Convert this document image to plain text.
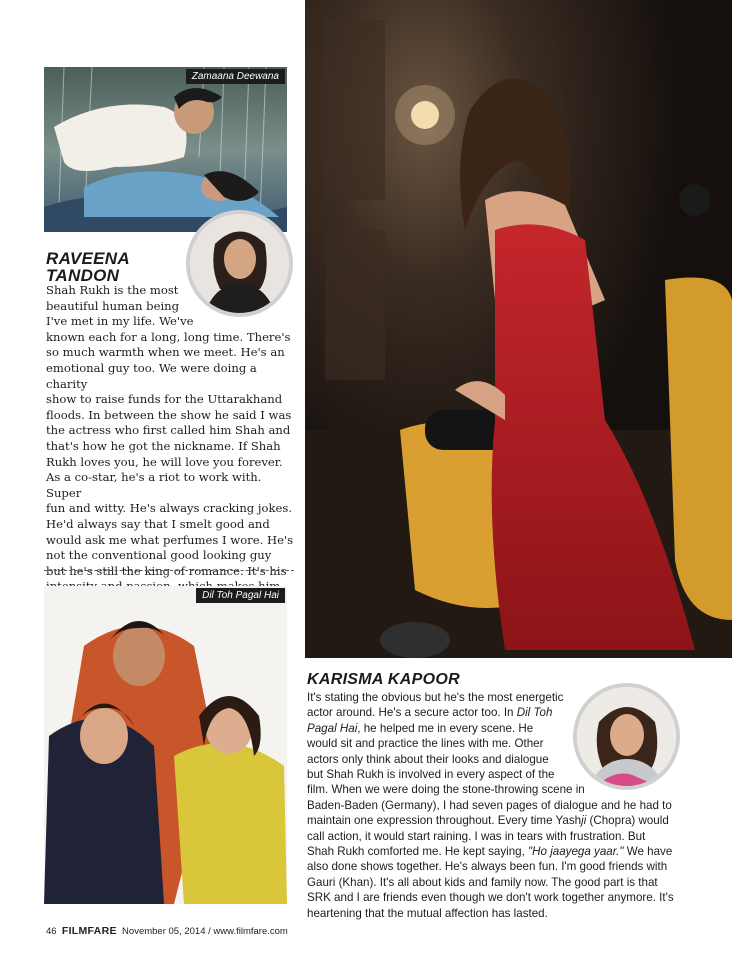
Zamaana Deewana
RAVEENA
TANDON

Shah Rukh is the most

beautiful human being

I've met in my life. We've

known each for a long, long time. There's

so much warmth when we meet. He's an

emotional guy too. We were doing a charity

show to raise funds for the Uttarakhand

floods. In between the show he said I was

the actress who first called him Shah and

that's how he got the nickname. If Shah

Rukh loves you, he will love you forever.

As a co-star, he's a riot to work with. Super

fun and witty. He's always cracking jokes.

He'd always say that I smelt good and

would ask me what perfumes I wore. He's

not the conventional good looking guy

but he's still the king of romance. It's his

Dil Toh Pagal Hai
KARISMA KAPOOR

It's stating the obvious but he's the most energetic

actor around. He's a secure actor too. In Dil Toh

Pagal Hai, he helped me in every scene. He

would sit and practice the lines with me. Other

actors only think about their looks and dialogue

but Shah Rukh is involved in every aspect of the

film. When we were doing the stone-throwing scene in

Baden-Baden (Germany), I had seven pages of dialogue and he had to

maintain one expression throughout. Every time Yashji (Chopra) would

call action, it would start raining. I was in tears with frustration. But

Shah Rukh comforted me. He kept saying, "Ho jaayega yaar." We have

also done shows together. He's always been fun. I'm good friends with

Gauri (Khan). It's all about kids and family now. The good part is that

SRK and I are friends even though we don't work together anymore. It's

heartening that the mutual affection has lasted.

46 FILMFARE November 05, 2014 / www.filmfare.com
